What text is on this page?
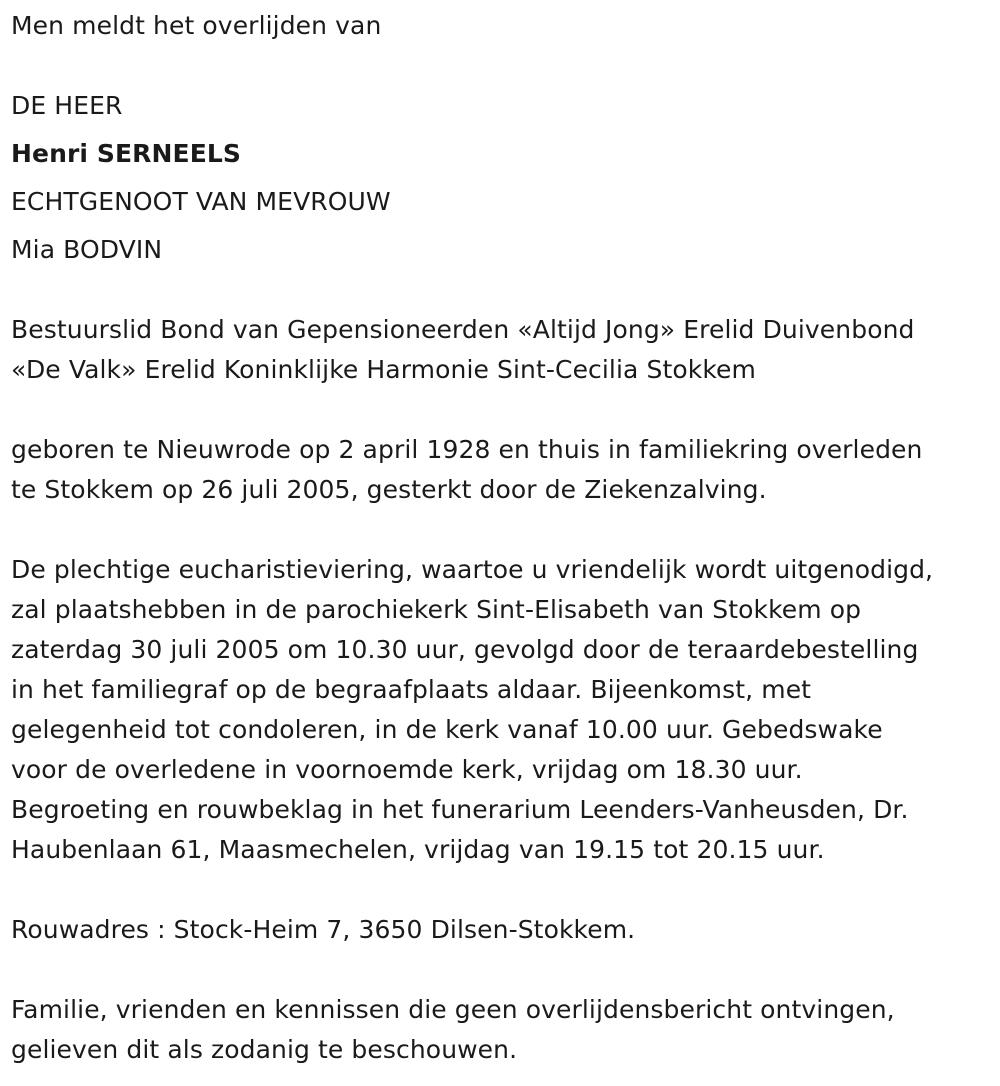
Men meldt het overlijden van
DE HEER
Henri SERNEELS
ECHTGENOOT VAN MEVROUW
Mia BODVIN
Bestuurslid Bond van Gepensioneerden «Altijd Jong» Erelid Duivenbond
«De Valk» Erelid Koninklijke Harmonie Sint-Cecilia Stokkem
geboren te Nieuwrode op 2 april 1928 en thuis in familiekring overleden
te Stokkem op 26 juli 2005, gesterkt door de Ziekenzalving.
De plechtige eucharistieviering, waartoe u vriendelijk wordt uitgenodigd,
zal plaatshebben in de parochiekerk Sint-Elisabeth van Stokkem op
zaterdag 30 juli 2005 om 10.30 uur, gevolgd door de teraardebestelling
in het familiegraf op de begraafplaats aldaar. Bijeenkomst, met
gelegenheid tot condoleren, in de kerk vanaf 10.00 uur. Gebedswake
voor de overledene in voornoemde kerk, vrijdag om 18.30 uur.
Begroeting en rouwbeklag in het funerarium Leenders-Vanheusden, Dr.
Haubenlaan 61, Maasmechelen, vrijdag van 19.15 tot 20.15 uur.
Rouwadres : Stock-Heim 7, 3650 Dilsen-Stokkem.
Familie, vrienden en kennissen die geen overlijdensbericht ontvingen,
gelieven dit als zodanig te beschouwen.
